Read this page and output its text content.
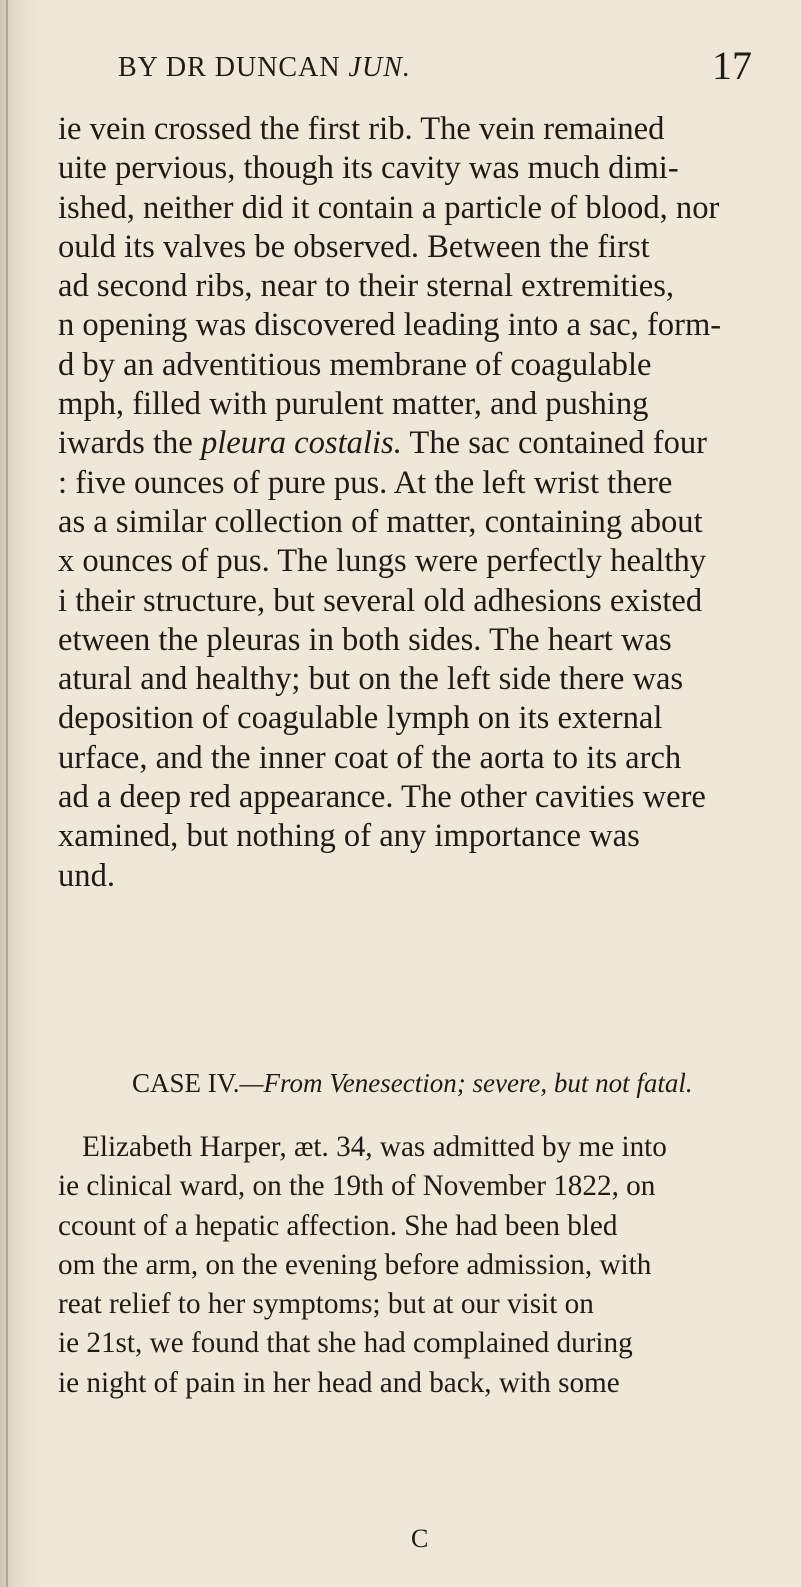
BY DR DUNCAN JUN.	17
ie vein crossed the first rib. The vein remained
uite pervious, though its cavity was much dimi-
ished, neither did it contain a particle of blood, nor
ould its valves be observed. Between the first
ad second ribs, near to their sternal extremities,
n opening was discovered leading into a sac, form-
d by an adventitious membrane of coagulable
mph, filled with purulent matter, and pushing
iwards the pleura costalis. The sac contained four
: five ounces of pure pus. At the left wrist there
as a similar collection of matter, containing about
x ounces of pus. The lungs were perfectly healthy
i their structure, but several old adhesions existed
etween the pleuras in both sides. The heart was
atural and healthy; but on the left side there was
deposition of coagulable lymph on its external
urface, and the inner coat of the aorta to its arch
ad a deep red appearance. The other cavities were
xamined, but nothing of any importance was
und.
CASE IV.—From Venesection; severe, but not fatal.
Elizabeth Harper, æt. 34, was admitted by me into
ie clinical ward, on the 19th of November 1822, on
ccount of a hepatic affection. She had been bled
om the arm, on the evening before admission, with
reat relief to her symptoms; but at our visit on
ie 21st, we found that she had complained during
ie night of pain in her head and back, with some
C
